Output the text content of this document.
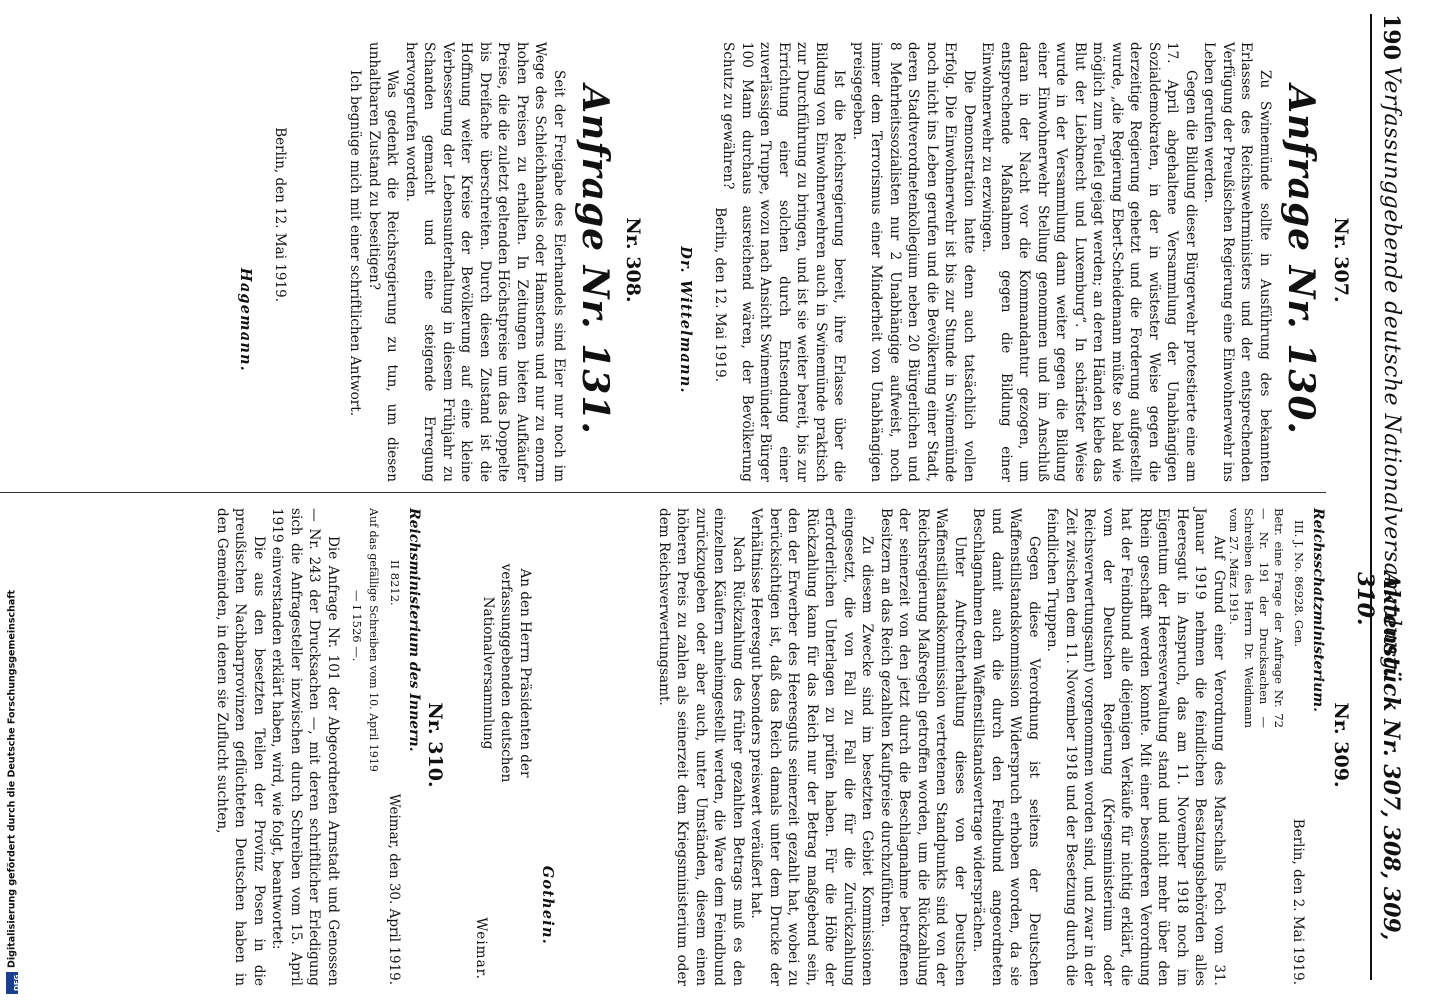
190
Verfassunggebende deutsche Nationalversammlung.
Aktenstück Nr. 307, 308, 309, 310.
Nr. 307.
Anfrage Nr. 130.

Zu Swinemünde sollte in Ausführung des bekannten Erlasses des Reichswehrministers und der entsprechenden Verfügung der Preußischen Regierung eine Einwohnerwehr ins Leben gerufen werden.

Gegen die Bildung dieser Bürgerwehr protestierte eine am 17. April abgehaltene Versammlung der Unabhängigen Sozialdemokraten, in der in wüstester Weise gegen die derzeitige Regierung gehetzt und die Forderung aufgestellt wurde, „die Regierung Ebert-Scheidemann müßte so bald wie möglich zum Teufel gejagt werden; an deren Händen klebe das Blut der Liebknecht und Luxemburg“. In schärfster Weise wurde in der Versammlung dann weiter gegen die Bildung einer Einwohnerwehr Stellung genommen und im Anschluß daran in der Nacht vor die Kommandantur gezogen, um entsprechende Maßnahmen gegen die Bildung einer Einwohnerwehr zu erzwingen.

Die Demonstration hatte denn auch tatsächlich vollen Erfolg. Die Einwohnerwehr ist bis zur Stunde in Swinemünde noch nicht ins Leben gerufen und die Bevölkerung einer Stadt, deren Stadtverordnetenkollegium neben 20 Bürgerlichen und 8 Mehrheitssozialisten nur 2 Unabhängige aufweist, noch immer dem Terrorismus einer Minderheit von Unabhängigen preisgegeben.

Ist die Reichsregierung bereit, ihre Erlasse über die Bildung von Einwohnerwehren auch in Swinemünde praktisch zur Durchführung zu bringen, und ist sie weiter bereit, bis zur Errichtung einer solchen durch Entsendung einer zuverlässigen Truppe, wozu nach Ansicht Swinemünder Bürger 100 Mann durchaus ausreichend wären, der Bevölkerung Schutz zu gewähren?

Berlin, den 12. Mai 1919.
Dr. Wittelmann.
Nr. 308.
Anfrage Nr. 131.

Seit der Freigabe des Eierhandels sind Eier nur noch im Wege des Schleichhandels oder Hamsterns und nur zu enorm hohen Preisen zu erhalten. In Zeitungen bieten Aufkäufer Preise, die die zuletzt geltenden Höchstpreise um das Doppelte bis Dreifache überschreiten. Durch diesen Zustand ist die Hoffnung weiter Kreise der Bevölkerung auf eine kleine Verbesserung der Lebensunterhaltung in diesem Frühjahr zu Schanden gemacht und eine steigende Erregung hervorgerufen worden.

Was gedenkt die Reichsregierung zu tun, um diesen unhaltbaren Zustand zu beseitigen?

Ich begnüge mich mit einer schriftlichen Antwort.

Berlin, den 12. Mai 1919.
Hagemann.
Nr. 309.
Reichsschatzministerium.
III. J. No. 86928. Gen.
Berlin, den 2. Mai 1919.
Betr. eine Frage der Anfrage Nr. 72 — Nr. 191 der Drucksachen — Schreiben des Herrn Dr. Weidmann vom 27. März 1919.

Auf Grund einer Verordnung des Marschalls Foch vom 31. Januar 1919 nehmen die feindlichen Besatzungsbehörden alles Heeresgut in Anspruch, das am 11. November 1918 noch im Eigentum der Heeresverwaltung stand und nicht mehr über den Rhein geschafft werden konnte. Mit einer besonderen Verordnung hat der Feindbund alle diejenigen Verkäufe für nichtig erklärt, die vom der Deutschen Regierung (Kriegsministerium oder Reichsverwertungsamt) vorgenommen worden sind, und zwar in der Zeit zwischen dem 11. November 1918 und der Besetzung durch die feindlichen Truppen.

Gegen diese Verordnung ist seitens der Deutschen Waffenstillstandskommission Widerspruch erhoben worden, da sie und damit auch die durch den Feindbund angeordneten Beschlagnahmen dem Waffenstillstandsvertrage widersprächen.

Unter Aufrechterhaltung dieses von der Deutschen Waffenstillstandskommission vertretenen Standpunkts sind von der Reichsregierung Maßregeln getroffen worden, um die Rückzahlung der seinerzeit von den jetzt durch die Beschlagnahme betroffenen Besitzern an das Reich gezahlten Kaufpreise durchzuführen.

Zu diesem Zwecke sind im besetzten Gebiet Kommissionen eingesetzt, die von Fall zu Fall die für die Zurückzahlung erforderlichen Unterlagen zu prüfen haben. Für die Höhe der Rückzahlung kann für das Reich nur der Betrag maßgebend sein, den der Erwerber des Heeresguts seinerzeit gezahlt hat, wobei zu berücksichtigen ist, daß das Reich damals unter dem Drucke der Verhältnisse Heeresgut besonders preiswert veräußert hat.

Nach Rückzahlung des früher gezahlten Betrags muß es den einzelnen Käufern anheimgestellt werden, die Ware dem Feindbund zurückzugeben oder aber auch, unter Umständen, diesem einen höheren Preis zu zahlen als seinerzeit dem Kriegsministerium oder dem Reichsverwertungsamt.

Gothein.
An den Herrn Präsidenten der verfassunggebenden deutschen Nationalversammlung
Weimar.
Nr. 310.
Reichsministerium des Innern.
II 8212.
Weimar, den 30. April 1919.
Auf das gefällige Schreiben vom 10. April 1919
— I 1526 —.

Die Anfrage Nr. 101 der Abgeordneten Arnstadt und Genossen — Nr. 243 der Drucksachen —, mit deren schriftlicher Erledigung sich die Anfragesteller inzwischen durch Schreiben vom 15. April 1919 einverstanden erklärt haben, wird, wie folgt, beantwortet:

Die aus den besetzten Teilen der Provinz Posen in die preußischen Nachbarprovinzen geflüchteten Deutschen haben in den Gemeinden, in denen sie Zuflucht suchten,

DFG
Digitalisierung gefördert durch die Deutsche Forschungsgemeinschaft
